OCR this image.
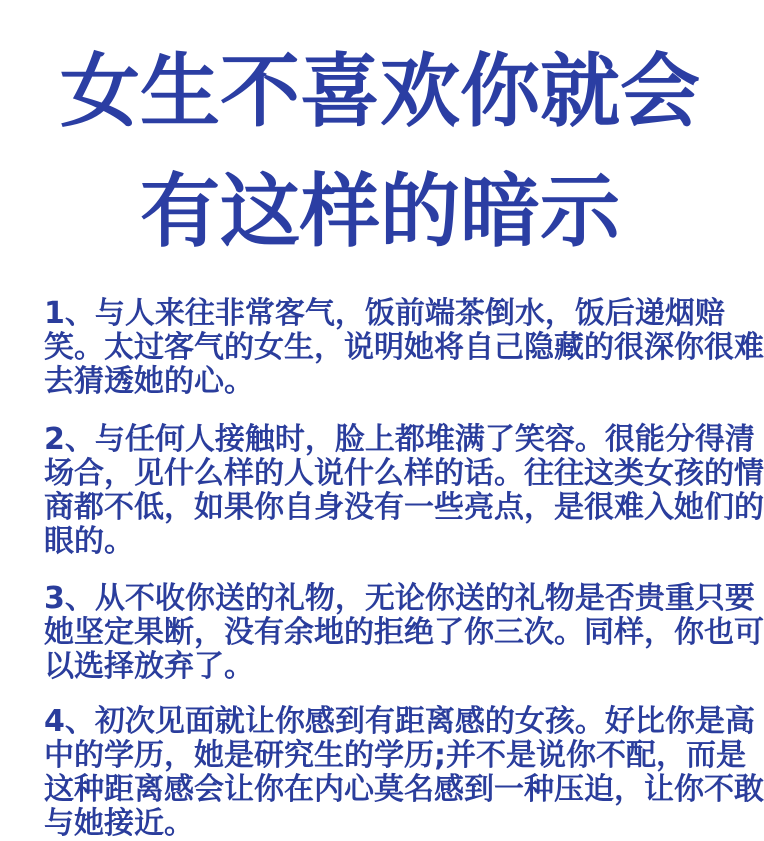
女生不喜欢你就会
有这样的暗示
1、与人来往非常客气，饭前端茶倒水，饭后递烟赔
笑。太过客气的女生，说明她将自己隐藏的很深你很难
去猜透她的心。
2、与任何人接触时，脸上都堆满了笑容。很能分得清
场合，见什么样的人说什么样的话。往往这类女孩的情
商都不低，如果你自身没有一些亮点，是很难入她们的
眼的。
3、从不收你送的礼物，无论你送的礼物是否贵重只要
她坚定果断，没有余地的拒绝了你三次。同样，你也可
以选择放弃了。
4、初次见面就让你感到有距离感的女孩。好比你是高
中的学历，她是研究生的学历;并不是说你不配，而是
这种距离感会让你在内心莫名感到一种压迫，让你不敢
与她接近。
